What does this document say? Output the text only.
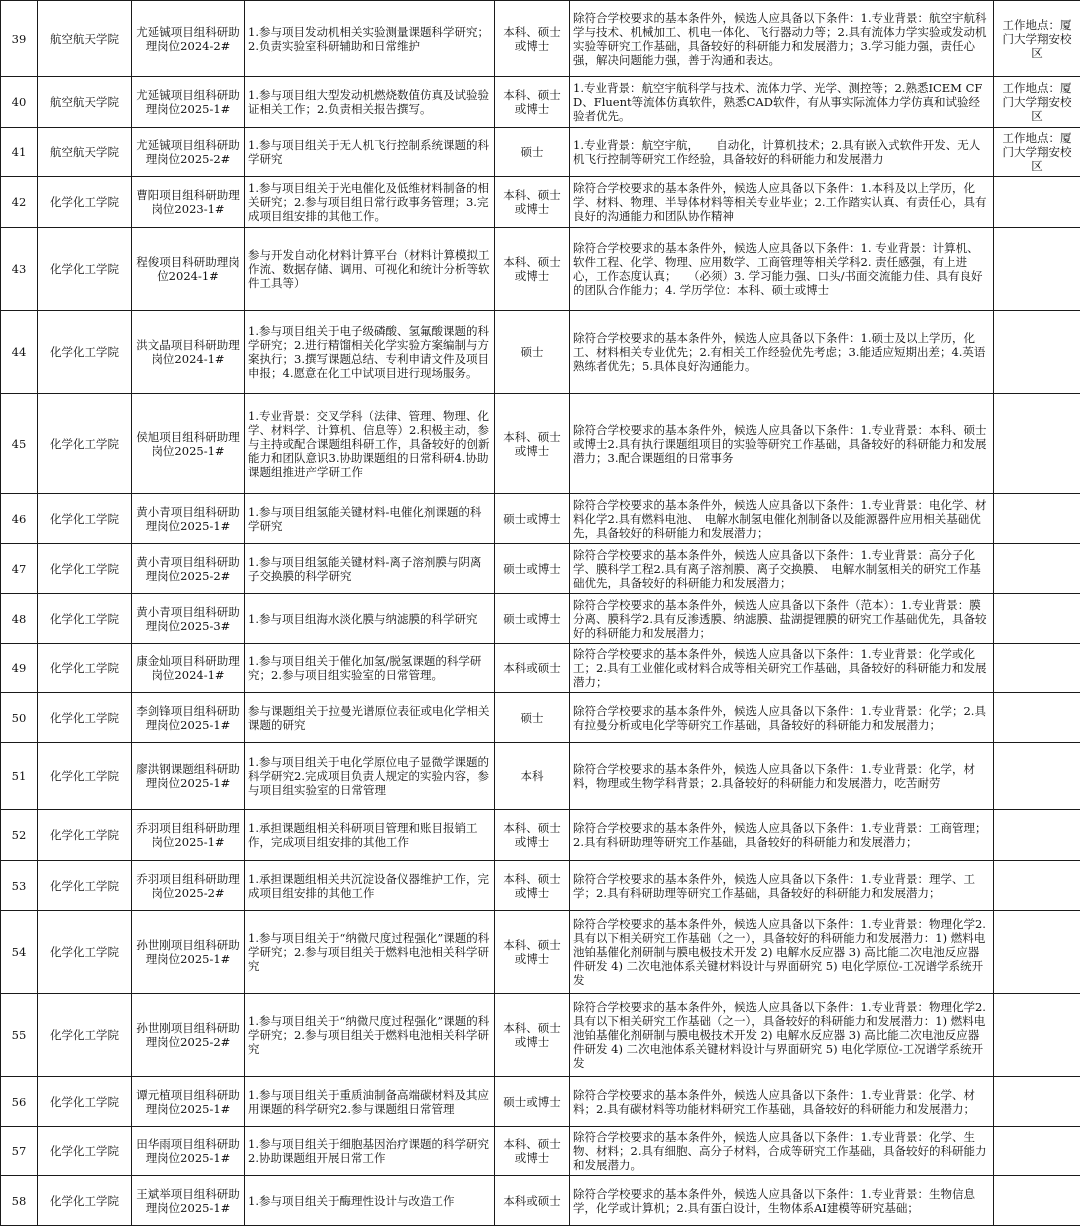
39	航空航天学院	尤延铖项目组科研助理岗位2024-2#	1.参与项目发动机相关实验测量课题科学研究；2.负责实验室科研辅助和日常维护	本科、硕士或博士	除符合学校要求的基本条件外，候选人应具备以下条件：1.专业背景：航空宇航科学与技术、机械加工、机电一体化、飞行器动力等；2.具有流体力学实验或发动机实验等研究工作基础，具备较好的科研能力和发展潜力；3.学习能力强，责任心强，解决问题能力强，善于沟通和表达。	工作地点：厦门大学翔安校区
40	航空航天学院	尤延铖项目组科研助理岗位2025-1#	1.参与项目组大型发动机燃烧数值仿真及试验验证相关工作；2.负责相关报告撰写。	本科、硕士或博士	1.专业背景：航空宇航科学与技术、流体力学、光学、测控等；2.熟悉ICEM CFD、Fluent等流体仿真软件，熟悉CAD软件，有从事实际流体力学仿真和试验经验者优先。	工作地点：厦门大学翔安校区
41	航空航天学院	尤延铖项目组科研助理岗位2025-2#	1.参与项目组关于无人机飞行控制系统课题的科学研究	硕士	1.专业背景：航空宇航，　　自动化，计算机技术；2.具有嵌入式软件开发、无人机飞行控制等研究工作经验，具备较好的科研能力和发展潜力	工作地点：厦门大学翔安校区
42	化学化工学院	曹阳项目组科研助理岗位2023-1#	1.参与项目组关于光电催化及低维材料制备的相关研究；2.参与项目组日常行政事务管理；3.完成项目组安排的其他工作。	本科、硕士或博士	除符合学校要求的基本条件外，候选人应具备以下条件：1.本科及以上学历，化学、材料、物理、半导体材料等相关专业毕业；2.工作踏实认真、有责任心，具有良好的沟通能力和团队协作精神	
43	化学化工学院	程俊项目科研助理岗位2024-1#	参与开发自动化材料计算平台（材料计算模拟工作流、数据存储、调用、可视化和统计分析等软件工具等）	本科、硕士或博士	除符合学校要求的基本条件外，候选人应具备以下条件：1. 专业背景：计算机、软件工程、化学、物理、应用数学、工商管理等相关学科2. 责任感强，有上进心，工作态度认真；　　（必须）3. 学习能力强、口头/书面交流能力佳、具有良好的团队合作能力；4. 学历学位：本科、硕士或博士	
44	化学化工学院	洪文晶项目科研助理岗位2024-1#	1.参与项目组关于电子级磷酸、氢氟酸课题的科学研究；2.进行精馏相关化学实验方案编制与方案执行；3.撰写课题总结、专利申请文件及项目申报；4.愿意在化工中试项目进行现场服务。	硕士	除符合学校要求的基本条件外，候选人应具备以下条件：1.硕士及以上学历，化工、材料相关专业优先；2.有相关工作经验优先考虑；3.能适应短期出差；4.英语熟练者优先；5.具体良好沟通能力。	
45	化学化工学院	侯旭项目组科研助理岗位2025-1#	1.专业背景：交叉学科（法律、管理、物理、化学、材料学、计算机、信息等）2.积极主动，参与主持或配合课题组科研工作，具备较好的创新能力和团队意识3.协助课题组的日常科研4.协助课题组推进产学研工作	本科、硕士或博士	除符合学校要求的基本条件外，候选人应具备以下条件：1.专业背景：本科、硕士或博士2.具有执行课题组项目的实验等研究工作基础，具备较好的科研能力和发展潜力；3.配合课题组的日常事务	
46	化学化工学院	黄小青项目组科研助理岗位2025-1#	1.参与项目组氢能关键材料-电催化剂课题的科学研究	硕士或博士	除符合学校要求的基本条件外，候选人应具备以下条件：1.专业背景：电化学、材料化学2.具有燃料电池、　电解水制氢电催化剂制备以及能源器件应用相关基础优先，具备较好的科研能力和发展潜力；	
47	化学化工学院	黄小青项目组科研助理岗位2025-2#	1.参与项目组氢能关键材料-离子溶剂膜与阴离子交换膜的科学研究	硕士或博士	除符合学校要求的基本条件外，候选人应具备以下条件：1.专业背景：高分子化学、膜科学工程2.具有离子溶剂膜、离子交换膜、　电解水制氢相关的研究工作基础优先，具备较好的科研能力和发展潜力；	
48	化学化工学院	黄小青项目组科研助理岗位2025-3#	1.参与项目组海水淡化膜与纳滤膜的科学研究	硕士或博士	除符合学校要求的基本条件外，候选人应具备以下条件（范本）：1.专业背景：膜分离、膜科学2.具有反渗透膜、纳滤膜、盐湖提锂膜的研究工作基础优先，具备较好的科研能力和发展潜力；	
49	化学化工学院	康金灿项目科研助理岗位2024-1#	1.参与项目组关于催化加氢/脱氢课题的科学研究；2.参与项目组实验室的日常管理。	本科或硕士	除符合学校要求的基本条件外，候选人应具备以下条件：1.专业背景：化学或化工；2.具有工业催化或材料合成等相关研究工作基础，具备较好的科研能力和发展潜力；	
50	化学化工学院	李剑锋项目组科研助理岗位2025-1#	参与课题组关于拉曼光谱原位表征或电化学相关课题的研究	硕士	除符合学校要求的基本条件外，候选人应具备以下条件：1.专业背景：化学；2.具有拉曼分析或电化学等研究工作基础，具备较好的科研能力和发展潜力；	
51	化学化工学院	廖洪钢课题组科研助理岗位2025-1#	1.参与项目组关于电化学原位电子显微学课题的科学研究2.完成项目负责人规定的实验内容，参与项目组实验室的日常管理	本科	除符合学校要求的基本条件外，候选人应具备以下条件：1.专业背景：化学，材料，物理或生物学科背景；2.具备较好的科研能力和发展潜力，吃苦耐劳	
52	化学化工学院	乔羽项目组科研助理岗位2025-1#	1.承担课题组相关科研项目管理和账目报销工作，完成项目组安排的其他工作	本科、硕士或博士	除符合学校要求的基本条件外，候选人应具备以下条件：1.专业背景：工商管理；2.具有科研助理等研究工作基础，具备较好的科研能力和发展潜力；	
53	化学化工学院	乔羽项目组科研助理岗位2025-2#	1.承担课题组相关共沉淀设备仪器维护工作，完成项目组安排的其他工作	本科、硕士或博士	除符合学校要求的基本条件外，候选人应具备以下条件：1.专业背景：理学、工学；2.具有科研助理等研究工作基础，具备较好的科研能力和发展潜力；	
54	化学化工学院	孙世刚项目组科研助理岗位2025-1#	1.参与项目组关于“纳微尺度过程强化”课题的科学研究；2.参与项目组关于燃料电池相关科学研究	本科、硕士或博士	除符合学校要求的基本条件外，候选人应具备以下条件：1.专业背景：物理化学2.具有以下相关研究工作基础（之一），具备较好的科研能力和发展潜力：1) 燃料电池铂基催化剂研制与膜电极技术开发 2) 电解水反应器 3) 高比能二次电池反应器件研发 4) 二次电池体系关键材料设计与界面研究 5) 电化学原位-工况谱学系统开发	
55	化学化工学院	孙世刚项目组科研助理岗位2025-2#	1.参与项目组关于“纳微尺度过程强化”课题的科学研究；2.参与项目组关于燃料电池相关科学研究	本科、硕士或博士	除符合学校要求的基本条件外，候选人应具备以下条件：1.专业背景：物理化学2.具有以下相关研究工作基础（之一），具备较好的科研能力和发展潜力：1) 燃料电池铂基催化剂研制与膜电极技术开发 2) 电解水反应器 3) 高比能二次电池反应器件研发 4) 二次电池体系关键材料设计与界面研究 5) 电化学原位-工况谱学系统开发	
56	化学化工学院	谭元植项目组科研助理岗位2025-1#	1.参与项目组关于重质油制备高端碳材料及其应用课题的科学研究2.参与课题组日常管理	硕士或博士	除符合学校要求的基本条件外，候选人应具备以下条件：1.专业背景：化学、材料；2.具有碳材料等功能材料研究工作基础，具备较好的科研能力和发展潜力；	
57	化学化工学院	田华雨项目组科研助理岗位2025-1#	1.参与项目组关于细胞基因治疗课题的科学研究2.协助课题组开展日常工作	本科、硕士或博士	除符合学校要求的基本条件外，候选人应具备以下条件：1.专业背景：化学、生物、材料；2.具有细胞、高分子材料，合成等研究工作基础，具备较好的科研能力和发展潜力。	
58	化学化工学院	王斌举项目组科研助理岗位2025-1#	1.参与项目组关于酶理性设计与改造工作	本科或硕士	除符合学校要求的基本条件外，候选人应具备以下条件：1.专业背景：生物信息学，化学或计算机；2.具有蛋白设计，生物体系AI建模等研究基础；	
